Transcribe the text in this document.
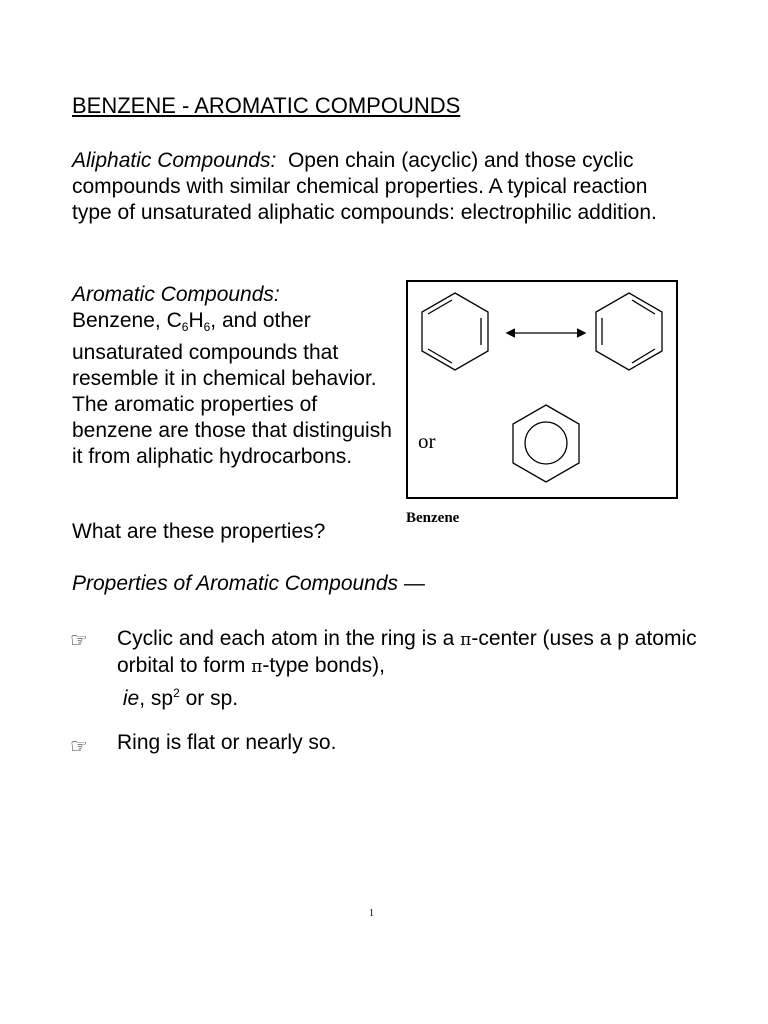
BENZENE - AROMATIC COMPOUNDS
Aliphatic Compounds: Open chain (acyclic) and those cyclic compounds with similar chemical properties. A typical reaction type of unsaturated aliphatic compounds: electrophilic addition.
Aromatic Compounds:
Benzene, $C_6H_6$, and other unsaturated compounds that resemble it in chemical behavior. The aromatic properties of benzene are those that distinguish it from aliphatic hydrocarbons.
or
Benzene
What are these properties?
Properties of Aromatic Compounds —
☞ Cyclic and each atom in the ring is a π-center (uses a p atomic orbital to form π-type bonds),
ie, $sp^2$ or sp.
☞ Ring is flat or nearly so.
1
